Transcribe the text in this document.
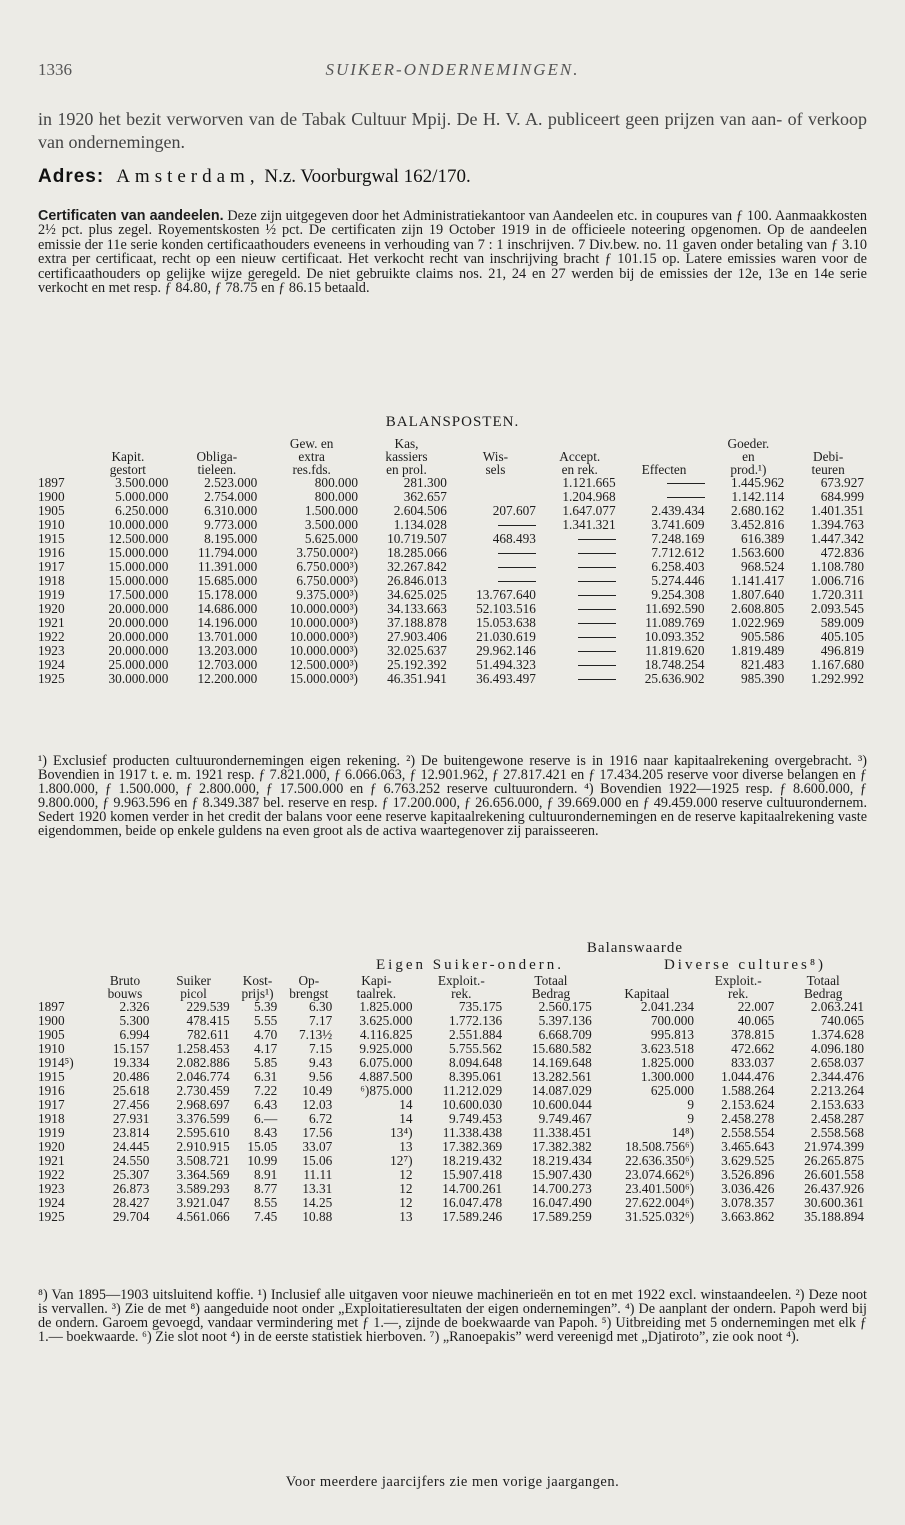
1336	SUIKER-ONDERNEMINGEN.

in 1920 het bezit verworven van de Tabak Cultuur Mpij. De H. V. A. publiceert geen prijzen van aan- of verkoop van ondernemingen.

Adres: Amsterdam, N.z. Voorburgwal 162/170.
Certificaten van aandeelen. Deze zijn uitgegeven door het Administratiekantoor van Aandeelen etc. in coupures van ƒ 100. Aanmaakkosten 2½ pct. plus zegel. Royementskosten ½ pct. De certificaten zijn 19 October 1919 in de officieele noteering opgenomen. Op de aandeelen emissie der 11e serie konden certificaathouders eveneens in verhouding van 7 : 1 inschrijven. 7 Div.bew. no. 11 gaven onder betaling van ƒ 3.10 extra per certificaat, recht op een nieuw certificaat. Het verkocht recht van inschrijving bracht ƒ 101.15 op. Latere emissies waren voor de certificaathouders op gelijke wijze geregeld. De niet gebruikte claims nos. 21, 24 en 27 werden bij de emissies der 12e, 13e en 14e serie verkocht en met resp. ƒ 84.80, ƒ 78.75 en ƒ 86.15 betaald.
BALANSPOSTEN.
			Gew. en	Kas,				Goeder.	
	Kapit.	Obliga-	extra	kassiers	Wis-	Accept.		en	Debi-
	gestort	tieleen.	res.fds.	en prol.	sels	en rek.	Effecten	prod.¹)	teuren
1897	3.500.000	2.523.000	800.000	281.300		1.121.665		1.445.962	673.927
1900	5.000.000	2.754.000	800.000	362.657		1.204.968		1.142.114	684.999
1905	6.250.000	6.310.000	1.500.000	2.604.506	207.607	1.647.077	2.439.434	2.680.162	1.401.351
1910	10.000.000	9.773.000	3.500.000	1.134.028		1.341.321	3.741.609	3.452.816	1.394.763
1915	12.500.000	8.195.000	5.625.000	10.719.507	468.493		7.248.169	616.389	1.447.342
1916	15.000.000	11.794.000	3.750.000²)	18.285.066			7.712.612	1.563.600	472.836
1917	15.000.000	11.391.000	6.750.000³)	32.267.842			6.258.403	968.524	1.108.780
1918	15.000.000	15.685.000	6.750.000³)	26.846.013			5.274.446	1.141.417	1.006.716
1919	17.500.000	15.178.000	9.375.000³)	34.625.025	13.767.640		9.254.308	1.807.640	1.720.311
1920	20.000.000	14.686.000	10.000.000³)	34.133.663	52.103.516		11.692.590	2.608.805	2.093.545
1921	20.000.000	14.196.000	10.000.000³)	37.188.878	15.053.638		11.089.769	1.022.969	589.009
1922	20.000.000	13.701.000	10.000.000³)	27.903.406	21.030.619		10.093.352	905.586	405.105
1923	20.000.000	13.203.000	10.000.000³)	32.025.637	29.962.146		11.819.620	1.819.489	496.819
1924	25.000.000	12.703.000	12.500.000³)	25.192.392	51.494.323		18.748.254	821.483	1.167.680
1925	30.000.000	12.200.000	15.000.000³)	46.351.941	36.493.497		25.636.902	985.390	1.292.992
¹) Exclusief producten cultuurondernemingen eigen rekening. ²) De buitengewone reserve is in 1916 naar kapitaalrekening overgebracht. ³) Bovendien in 1917 t. e. m. 1921 resp. ƒ 7.821.000, ƒ 6.066.063, ƒ 12.901.962, ƒ 27.817.421 en ƒ 17.434.205 reserve voor diverse belangen en ƒ 1.800.000, ƒ 1.500.000, ƒ 2.800.000, ƒ 17.500.000 en ƒ 6.763.252 reserve cultuurondern. ⁴) Bovendien 1922—1925 resp. ƒ 8.600.000, ƒ 9.800.000, ƒ 9.963.596 en ƒ 8.349.387 bel. reserve en resp. ƒ 17.200.000, ƒ 26.656.000, ƒ 39.669.000 en ƒ 49.459.000 reserve cultuurondernem. Sedert 1920 komen verder in het credit der balans voor eene reserve kapitaalrekening cultuurondernemingen en de reserve kapitaalrekening vaste eigendommen, beide op enkele guldens na even groot als de activa waartegenover zij paraisseeren.
Balanswaarde
Eigen Suiker-ondern.	Diverse cultures⁸)
	Bruto	Suiker	Kost-	Op-	Kapi-	Exploit.-	Totaal		Exploit.-	Totaal
	bouws	picol	prijs¹)	brengst	taalrek.	rek.	Bedrag	Kapitaal	rek.	Bedrag
1897	2.326	229.539	5.39	6.30	1.825.000	735.175	2.560.175	2.041.234	22.007	2.063.241
1900	5.300	478.415	5.55	7.17	3.625.000	1.772.136	5.397.136	700.000	40.065	740.065
1905	6.994	782.611	4.70	7.13½	4.116.825	2.551.884	6.668.709	995.813	378.815	1.374.628
1910	15.157	1.258.453	4.17	7.15	9.925.000	5.755.562	15.680.582	3.623.518	472.662	4.096.180
1914⁵)	19.334	2.082.886	5.85	9.43	6.075.000	8.094.648	14.169.648	1.825.000	833.037	2.658.037
1915	20.486	2.046.774	6.31	9.56	4.887.500	8.395.061	13.282.561	1.300.000	1.044.476	2.344.476
1916	25.618	2.730.459	7.22	10.49	⁶)875.000	11.212.029	14.087.029	625.000	1.588.264	2.213.264
1917	27.456	2.968.697	6.43	12.03	14	10.600.030	10.600.044	9	2.153.624	2.153.633
1918	27.931	3.376.599	6.—	6.72	14	9.749.453	9.749.467	9	2.458.278	2.458.287
1919	23.814	2.595.610	8.43	17.56	13⁴)	11.338.438	11.338.451	14⁸)	2.558.554	2.558.568
1920	24.445	2.910.915	15.05	33.07	13	17.382.369	17.382.382	18.508.756⁶)	3.465.643	21.974.399
1921	24.550	3.508.721	10.99	15.06	12⁷)	18.219.432	18.219.434	22.636.350⁶)	3.629.525	26.265.875
1922	25.307	3.364.569	8.91	11.11	12	15.907.418	15.907.430	23.074.662⁶)	3.526.896	26.601.558
1923	26.873	3.589.293	8.77	13.31	12	14.700.261	14.700.273	23.401.500⁶)	3.036.426	26.437.926
1924	28.427	3.921.047	8.55	14.25	12	16.047.478	16.047.490	27.622.004⁶)	3.078.357	30.600.361
1925	29.704	4.561.066	7.45	10.88	13	17.589.246	17.589.259	31.525.032⁶)	3.663.862	35.188.894
⁸) Van 1895—1903 uitsluitend koffie. ¹) Inclusief alle uitgaven voor nieuwe machinerieën en tot en met 1922 excl. winstaandeelen. ²) Deze noot is vervallen. ³) Zie de met ⁸) aangeduide noot onder „Exploitatieresultaten der eigen ondernemingen”. ⁴) De aanplant der ondern. Papoh werd bij de ondern. Garoem gevoegd, vandaar vermindering met ƒ 1.—, zijnde de boekwaarde van Papoh. ⁵) Uitbreiding met 5 ondernemingen met elk ƒ 1.— boekwaarde. ⁶) Zie slot noot ⁴) in de eerste statistiek hierboven. ⁷) „Ranoepakis” werd vereenigd met „Djatiroto”, zie ook noot ⁴).
Voor meerdere jaarcijfers zie men vorige jaargangen.
